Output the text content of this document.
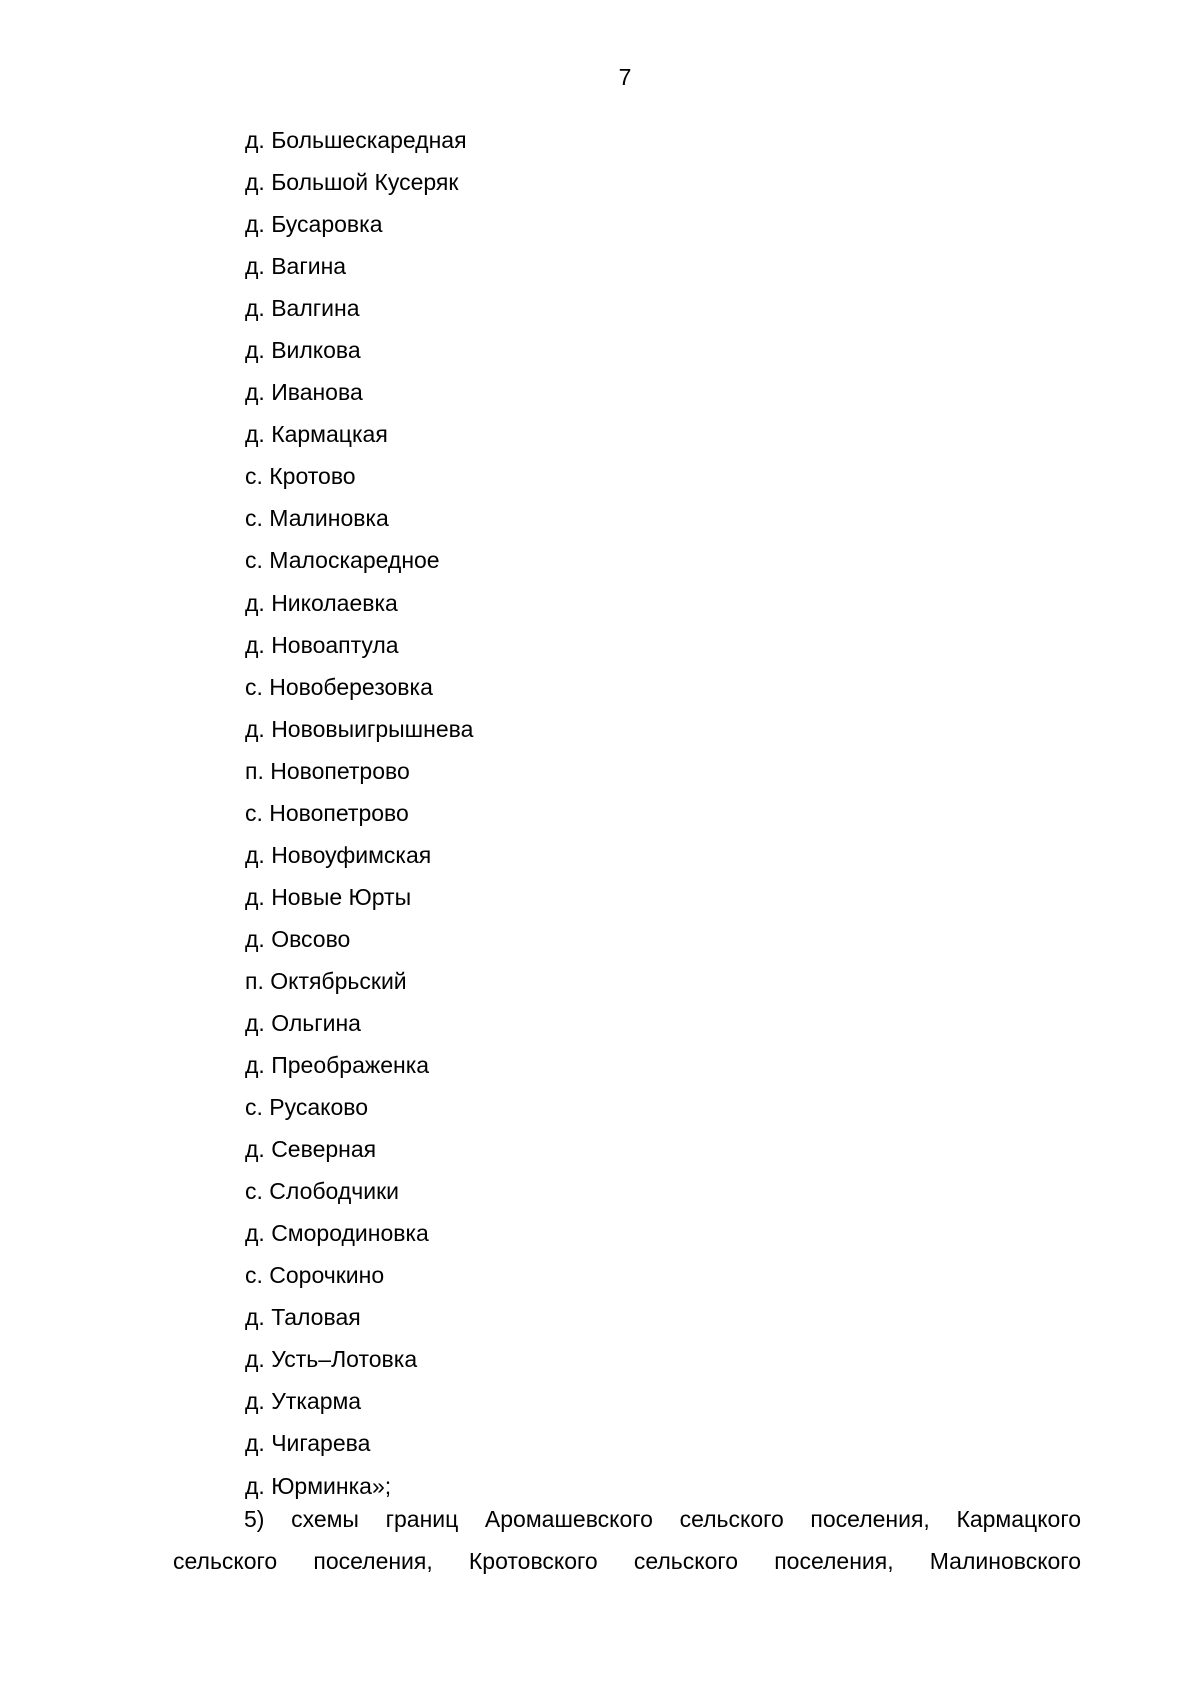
7
д. Большескаредная
д. Большой Кусеряк
д. Бусаровка
д. Вагина
д. Валгина
д. Вилкова
д. Иванова
д. Кармацкая
с. Кротово
с. Малиновка
с. Малоскаредное
д. Николаевка
д. Новоаптула
с. Новоберезовка
д. Нововыигрышнева
п. Новопетрово
с. Новопетрово
д. Новоуфимская
д. Новые Юрты
д. Овсово
п. Октябрьский
д. Ольгина
д. Преображенка
с. Русаково
д. Северная
с. Слободчики
д. Смородиновка
с. Сорочкино
д. Таловая
д. Усть–Лотовка
д. Уткарма
д. Чигарева
д. Юрминка»;

5) схемы границ Аромашевского сельского поселения, Кармацкого сельского поселения, Кротовского сельского поселения, Малиновского
